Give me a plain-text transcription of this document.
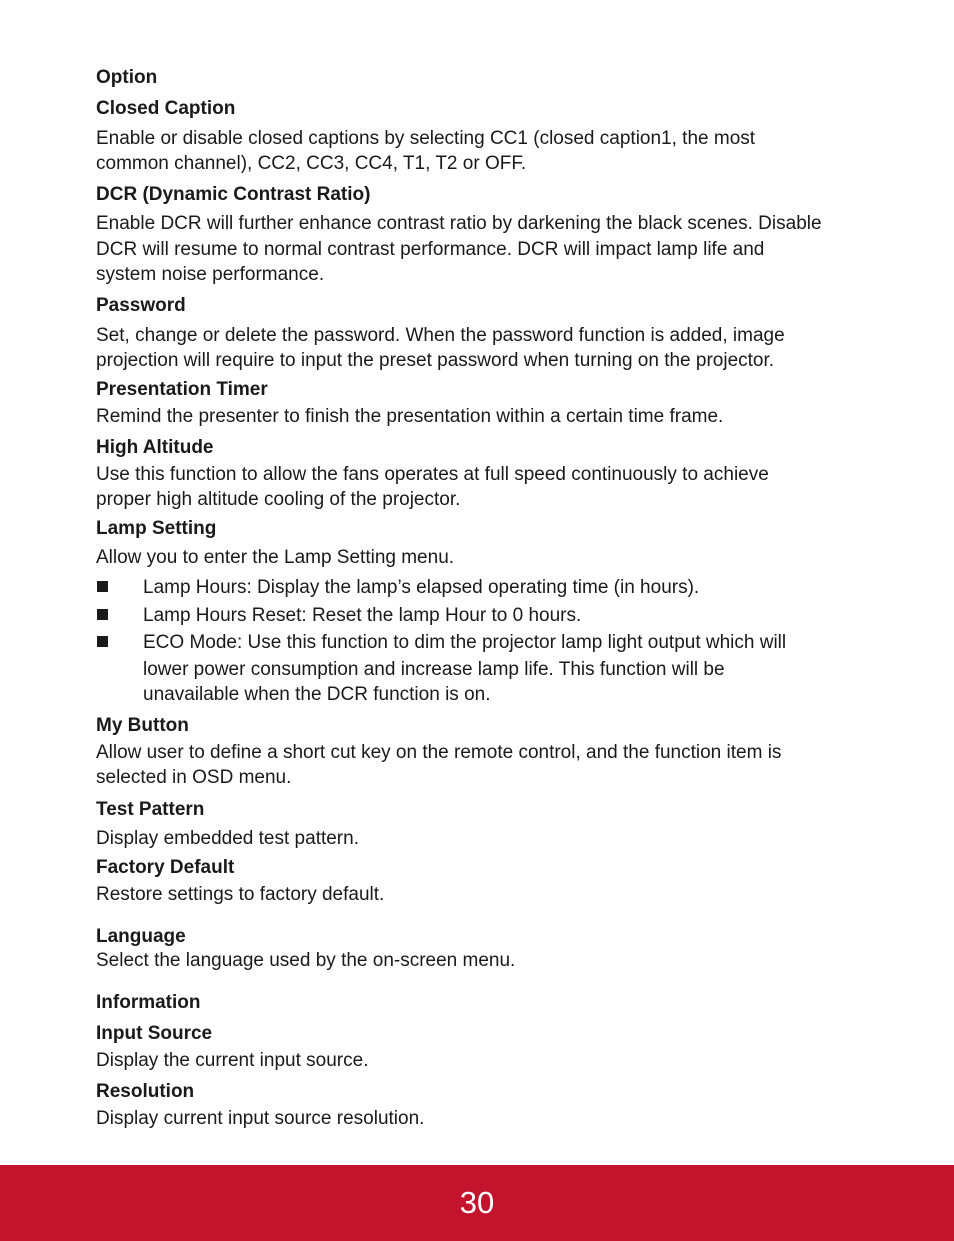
Option
Closed Caption
Enable or disable closed captions by selecting CC1 (closed caption1, the most
common channel), CC2, CC3, CC4, T1, T2 or OFF.
DCR (Dynamic Contrast Ratio)
Enable DCR will further enhance contrast ratio by darkening the black scenes. Disable
DCR will resume to normal contrast performance. DCR will impact lamp life and
system noise performance.
Password
Set, change or delete the password. When the password function is added, image
projection will require to input the preset password when turning on the projector.
Presentation Timer
Remind the presenter to finish the presentation within a certain time frame.
High Altitude
Use this function to allow the fans operates at full speed continuously to achieve
proper high altitude cooling of the projector.
Lamp Setting
Allow you to enter the Lamp Setting menu.
Lamp Hours: Display the lamp’s elapsed operating time (in hours).
Lamp Hours Reset: Reset the lamp Hour to 0 hours.
ECO Mode: Use this function to dim the projector lamp light output which will
lower power consumption and increase lamp life. This function will be
unavailable when the DCR function is on.
My Button
Allow user to define a short cut key on the remote control, and the function item is
selected in OSD menu.
Test Pattern
Display embedded test pattern.
Factory Default
Restore settings to factory default.
Language
Select the language used by the on-screen menu.
Information
Input Source
Display the current input source.
Resolution
Display current input source resolution.
30
